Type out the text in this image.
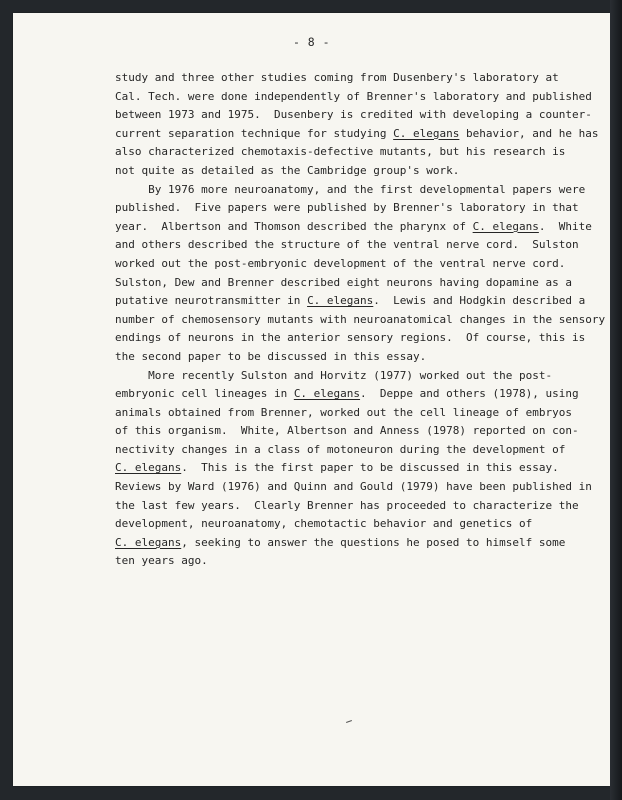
- 8 -
study and three other studies coming from Dusenbery's laboratory at
Cal. Tech. were done independently of Brenner's laboratory and published
between 1973 and 1975.  Dusenbery is credited with developing a counter-
current separation technique for studying C. elegans behavior, and he has
also characterized chemotaxis-defective mutants, but his research is
not quite as detailed as the Cambridge group's work.
By 1976 more neuroanatomy, and the first developmental papers were
published.  Five papers were published by Brenner's laboratory in that
year.  Albertson and Thomson described the pharynx of C. elegans.  White
and others described the structure of the ventral nerve cord.  Sulston
worked out the post-embryonic development of the ventral nerve cord.
Sulston, Dew and Brenner described eight neurons having dopamine as a
putative neurotransmitter in C. elegans.  Lewis and Hodgkin described a
number of chemosensory mutants with neuroanatomical changes in the sensory
endings of neurons in the anterior sensory regions.  Of course, this is
the second paper to be discussed in this essay.
More recently Sulston and Horvitz (1977) worked out the post-
embryonic cell lineages in C. elegans.  Deppe and others (1978), using
animals obtained from Brenner, worked out the cell lineage of embryos
of this organism.  White, Albertson and Anness (1978) reported on con-
nectivity changes in a class of motoneuron during the development of
C. elegans.  This is the first paper to be discussed in this essay.
Reviews by Ward (1976) and Quinn and Gould (1979) have been published in
the last few years.  Clearly Brenner has proceeded to characterize the
development, neuroanatomy, chemotactic behavior and genetics of
C. elegans, seeking to answer the questions he posed to himself some
ten years ago.
